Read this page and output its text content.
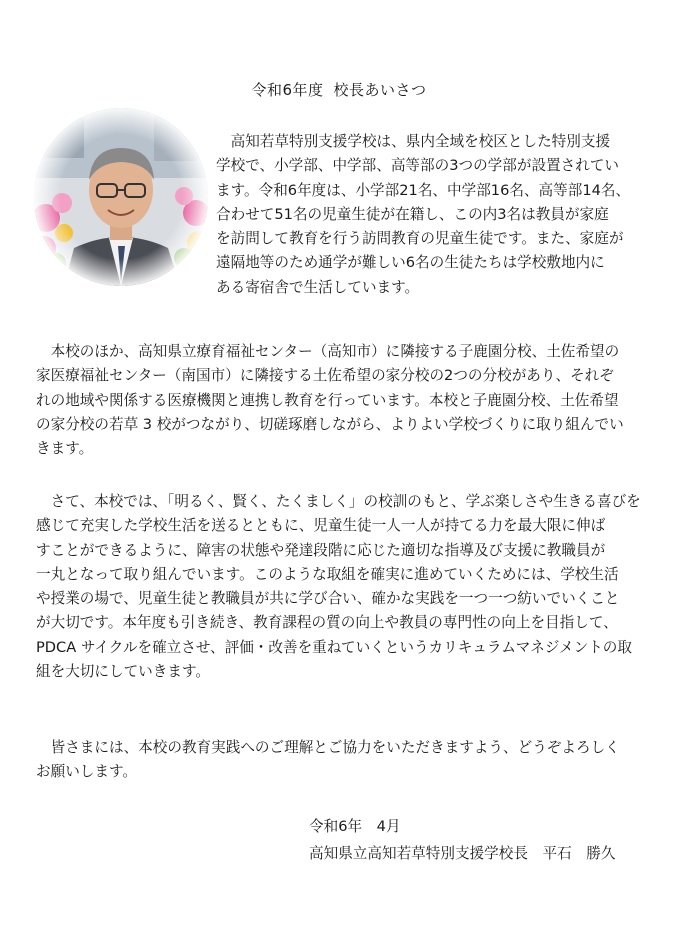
令和6年度 校長あいさつ
　高知若草特別支援学校は、県内全域を校区とした特別支援
学校で、小学部、中学部、高等部の3つの学部が設置されてい
ます。令和6年度は、小学部21名、中学部16名、高等部14名、
合わせて51名の児童生徒が在籍し、この内3名は教員が家庭
を訪問して教育を行う訪問教育の児童生徒です。また、家庭が
遠隔地等のため通学が難しい6名の生徒たちは学校敷地内に
ある寄宿舎で生活しています。
　本校のほか、高知県立療育福祉センター（高知市）に隣接する子鹿園分校、土佐希望の
家医療福祉センター（南国市）に隣接する土佐希望の家分校の2つの分校があり、それぞ
れの地域や関係する医療機関と連携し教育を行っています。本校と子鹿園分校、土佐希望
の家分校の若草 3 校がつながり、切磋琢磨しながら、よりよい学校づくりに取り組んでい
きます。
　さて、本校では、「明るく、賢く、たくましく」の校訓のもと、学ぶ楽しさや生きる喜びを
感じて充実した学校生活を送るとともに、児童生徒一人一人が持てる力を最大限に伸ば
すことができるように、障害の状態や発達段階に応じた適切な指導及び支援に教職員が
一丸となって取り組んでいます。このような取組を確実に進めていくためには、学校生活
や授業の場で、児童生徒と教職員が共に学び合い、確かな実践を一つ一つ紡いでいくこと
が大切です。本年度も引き続き、教育課程の質の向上や教員の専門性の向上を目指して、
PDCA サイクルを確立させ、評価・改善を重ねていくというカリキュラムマネジメントの取
組を大切にしていきます。
　皆さまには、本校の教育実践へのご理解とご協力をいただきますよう、どうぞよろしく
お願いします。
令和6年　4月
高知県立高知若草特別支援学校長　平石　勝久
